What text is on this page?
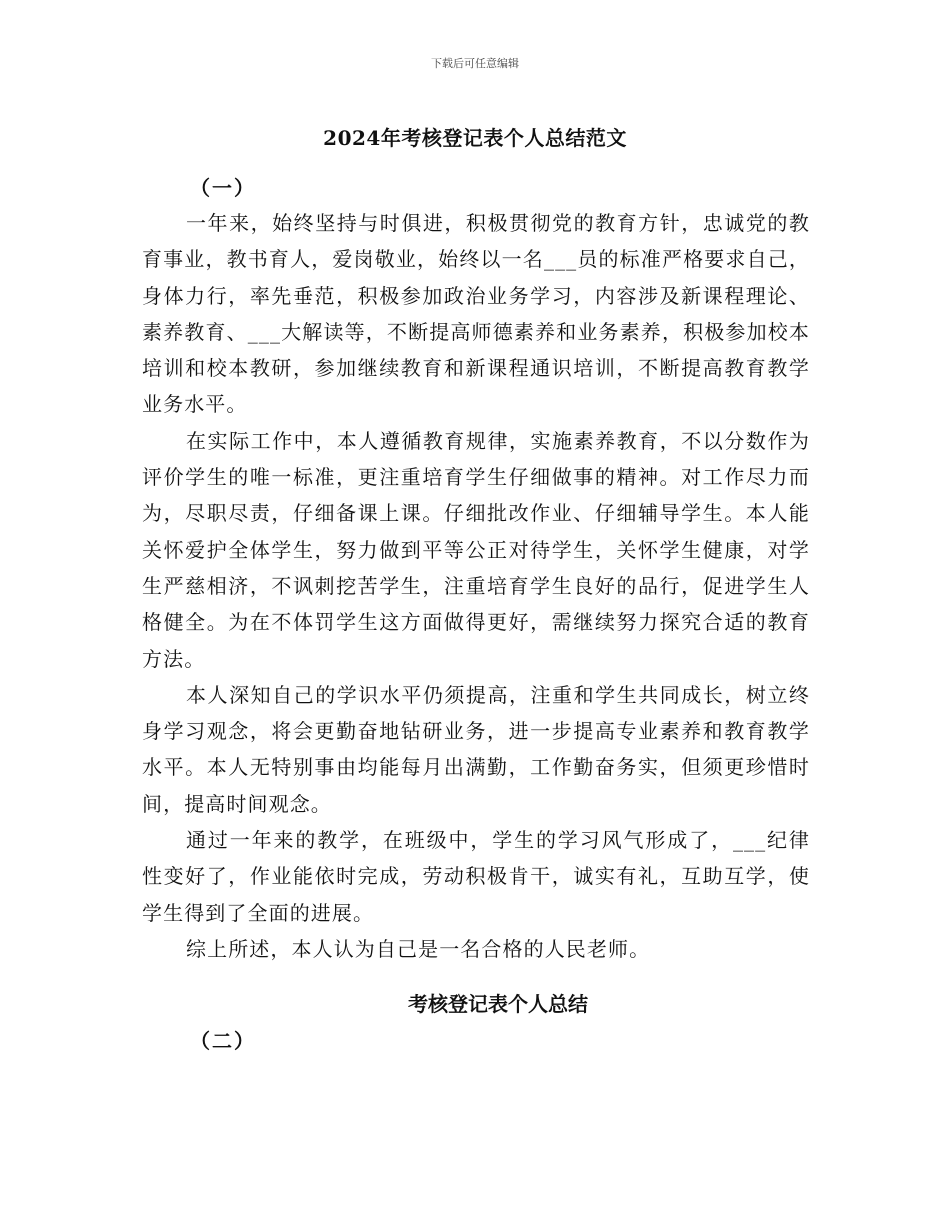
下载后可任意编辑
2024年考核登记表个人总结范文
（一）

一年来，始终坚持与时俱进，积极贯彻党的教育方针，忠诚党的教育事业，教书育人，爱岗敬业，始终以一名___员的标准严格要求自己，身体力行，率先垂范，积极参加政治业务学习，内容涉及新课程理论、素养教育、___大解读等，不断提高师德素养和业务素养，积极参加校本培训和校本教研，参加继续教育和新课程通识培训，不断提高教育教学业务水平。

在实际工作中，本人遵循教育规律，实施素养教育，不以分数作为评价学生的唯一标准，更注重培育学生仔细做事的精神。对工作尽力而为，尽职尽责，仔细备课上课。仔细批改作业、仔细辅导学生。本人能关怀爱护全体学生，努力做到平等公正对待学生，关怀学生健康，对学生严慈相济，不讽刺挖苦学生，注重培育学生良好的品行，促进学生人格健全。为在不体罚学生这方面做得更好，需继续努力探究合适的教育方法。

本人深知自己的学识水平仍须提高，注重和学生共同成长，树立终身学习观念，将会更勤奋地钻研业务，进一步提高专业素养和教育教学水平。本人无特别事由均能每月出满勤，工作勤奋务实，但须更珍惜时间，提高时间观念。

通过一年来的教学，在班级中，学生的学习风气形成了，___纪律性变好了，作业能依时完成，劳动积极肯干，诚实有礼，互助互学，使学生得到了全面的进展。

综上所述，本人认为自己是一名合格的人民老师。

考核登记表个人总结
（二）
